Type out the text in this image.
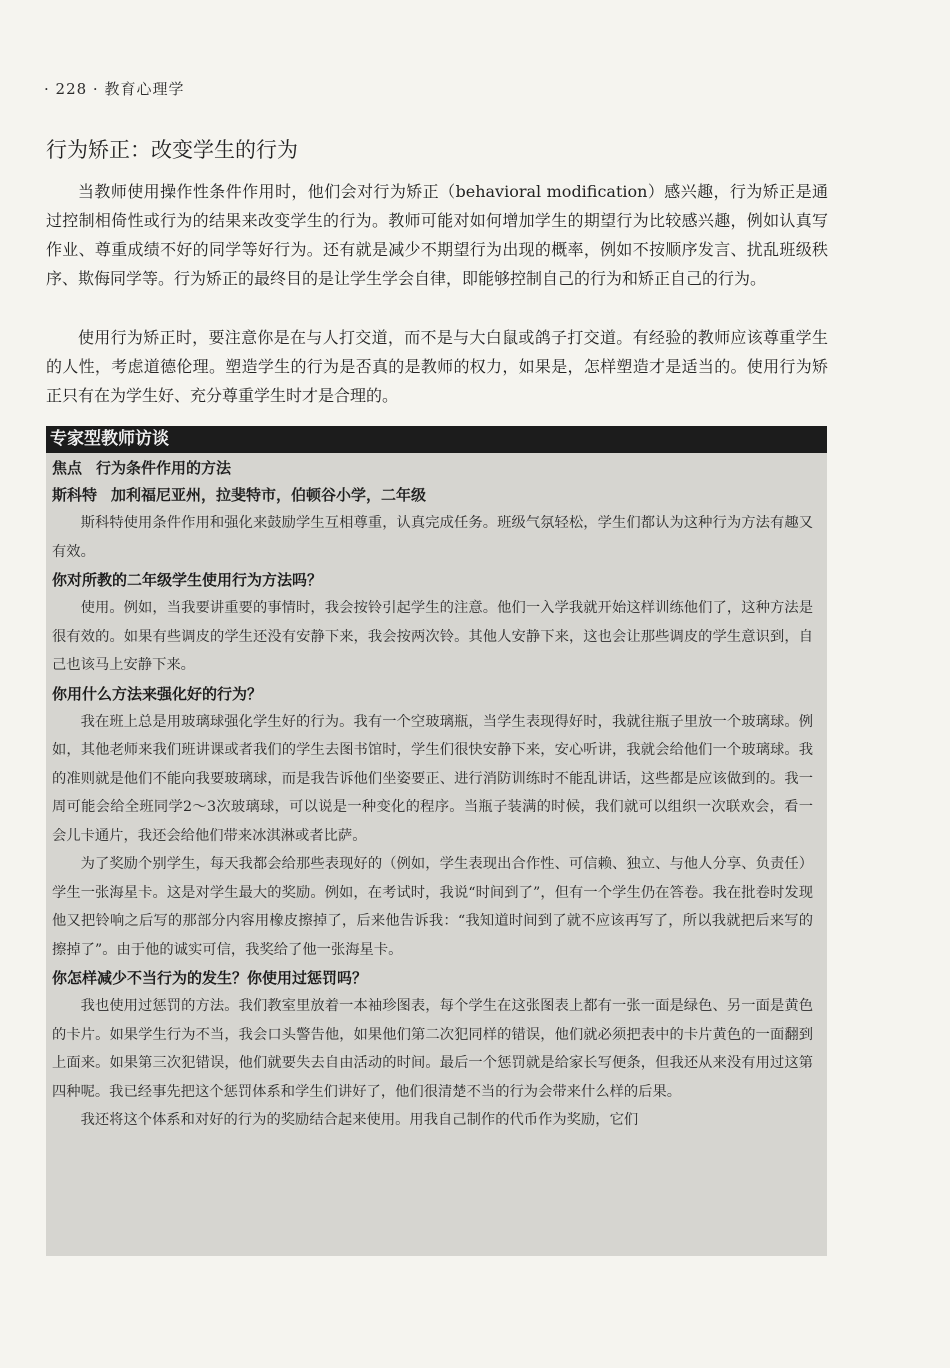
· 228 · 教育心理学
行为矫正：改变学生的行为

当教师使用操作性条件作用时，他们会对行为矫正（behavioral modification）感兴趣，行为矫正是通过控制相倚性或行为的结果来改变学生的行为。教师可能对如何增加学生的期望行为比较感兴趣，例如认真写作业、尊重成绩不好的同学等好行为。还有就是减少不期望行为出现的概率，例如不按顺序发言、扰乱班级秩序、欺侮同学等。行为矫正的最终目的是让学生学会自律，即能够控制自己的行为和矫正自己的行为。

使用行为矫正时，要注意你是在与人打交道，而不是与大白鼠或鸽子打交道。有经验的教师应该尊重学生的人性，考虑道德伦理。塑造学生的行为是否真的是教师的权力，如果是，怎样塑造才是适当的。使用行为矫正只有在为学生好、充分尊重学生时才是合理的。

专家型教师访谈
焦点 行为条件作用的方法
斯科特 加利福尼亚州，拉斐特市，伯顿谷小学，二年级

斯科特使用条件作用和强化来鼓励学生互相尊重，认真完成任务。班级气氛轻松，学生们都认为这种行为方法有趣又有效。

你对所教的二年级学生使用行为方法吗？

使用。例如，当我要讲重要的事情时，我会按铃引起学生的注意。他们一入学我就开始这样训练他们了，这种方法是很有效的。如果有些调皮的学生还没有安静下来，我会按两次铃。其他人安静下来，这也会让那些调皮的学生意识到，自己也该马上安静下来。

你用什么方法来强化好的行为？

我在班上总是用玻璃球强化学生好的行为。我有一个空玻璃瓶，当学生表现得好时，我就往瓶子里放一个玻璃球。例如，其他老师来我们班讲课或者我们的学生去图书馆时，学生们很快安静下来，安心听讲，我就会给他们一个玻璃球。我的准则就是他们不能向我要玻璃球，而是我告诉他们坐姿要正、进行消防训练时不能乱讲话，这些都是应该做到的。我一周可能会给全班同学2～3次玻璃球，可以说是一种变化的程序。当瓶子装满的时候，我们就可以组织一次联欢会，看一会儿卡通片，我还会给他们带来冰淇淋或者比萨。

为了奖励个别学生，每天我都会给那些表现好的（例如，学生表现出合作性、可信赖、独立、与他人分享、负责任）学生一张海星卡。这是对学生最大的奖励。例如，在考试时，我说“时间到了”，但有一个学生仍在答卷。我在批卷时发现他又把铃响之后写的那部分内容用橡皮擦掉了，后来他告诉我：“我知道时间到了就不应该再写了，所以我就把后来写的擦掉了”。由于他的诚实可信，我奖给了他一张海星卡。

你怎样减少不当行为的发生？你使用过惩罚吗？

我也使用过惩罚的方法。我们教室里放着一本袖珍图表，每个学生在这张图表上都有一张一面是绿色、另一面是黄色的卡片。如果学生行为不当，我会口头警告他，如果他们第二次犯同样的错误，他们就必须把表中的卡片黄色的一面翻到上面来。如果第三次犯错误，他们就要失去自由活动的时间。最后一个惩罚就是给家长写便条，但我还从来没有用过这第四种呢。我已经事先把这个惩罚体系和学生们讲好了，他们很清楚不当的行为会带来什么样的后果。

我还将这个体系和对好的行为的奖励结合起来使用。用我自己制作的代币作为奖励，它们
